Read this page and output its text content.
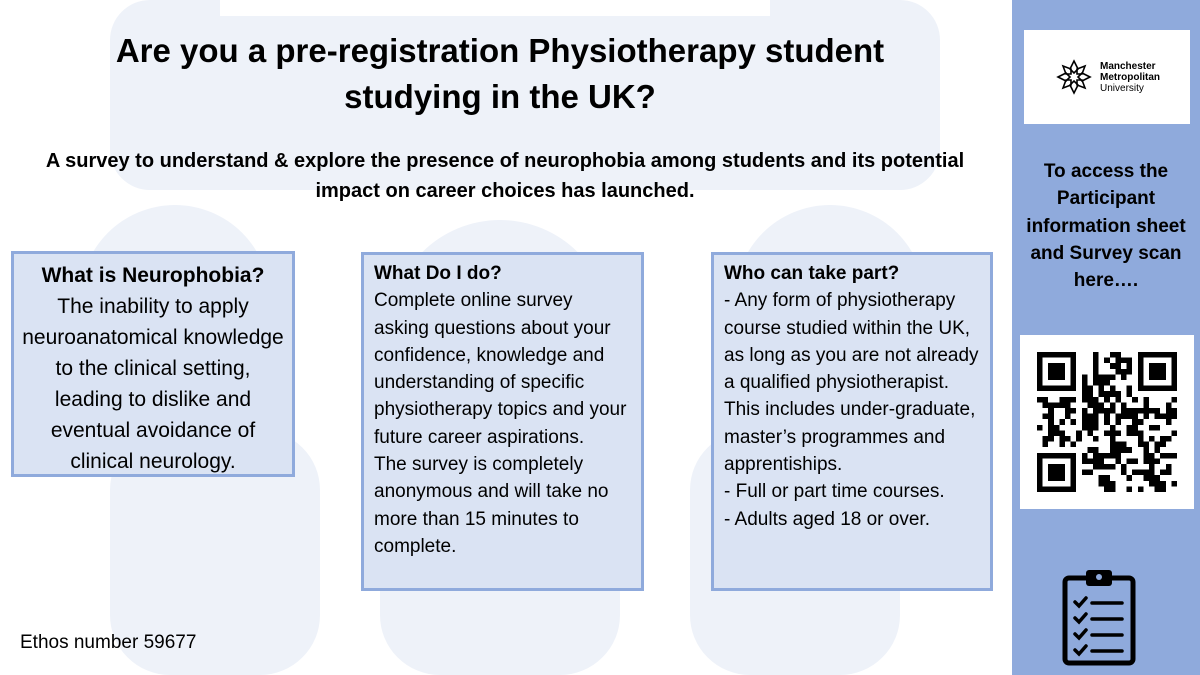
Are you a pre-registration Physiotherapy student studying in the UK?

A survey to understand & explore the presence of neurophobia among students and its potential impact on career choices has launched.

What is Neurophobia?

The inability to apply neuroanatomical knowledge to the clinical setting, leading to dislike and eventual avoidance of clinical neurology.

What Do I do?

Complete online survey asking questions about your confidence, knowledge and understanding of specific physiotherapy topics and your future career aspirations.

The survey is completely anonymous and will take no more than 15 minutes to complete.

Who can take part?

- Any form of physiotherapy course studied within the UK, as long as you are not already a qualified physiotherapist.

This includes under-graduate, master’s programmes and apprentiships.

- Full or part time courses.

- Adults aged 18 or over.

Ethos number 59677

Manchester
Metropolitan
University

To access the Participant information sheet and Survey scan here….
